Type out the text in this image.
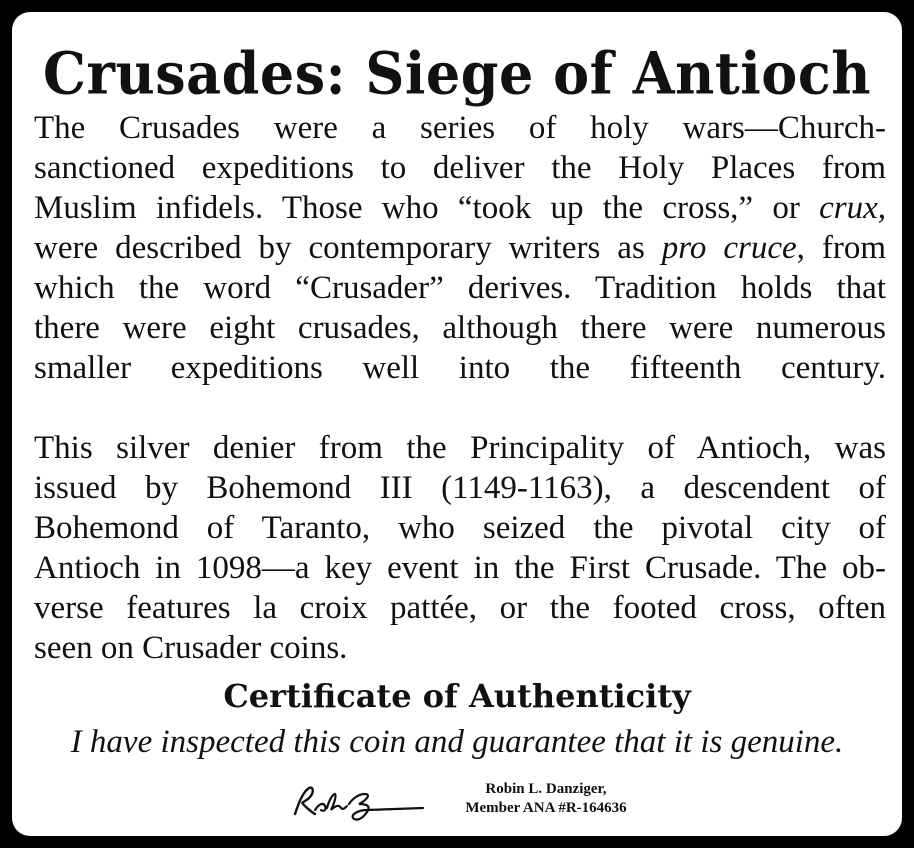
Crusades: Siege of Antioch
The Crusades were a series of holy wars—Church-
sanctioned expeditions to deliver the Holy Places from
Muslim infidels. Those who “took up the cross,” or crux,
were described by contemporary writers as pro cruce, from
which the word “Crusader” derives. Tradition holds that
there were eight crusades, although there were numerous
smaller expeditions well into the fifteenth century.
This silver denier from the Principality of Antioch, was
issued by Bohemond III (1149-1163), a descendent of
Bohemond of Taranto, who seized the pivotal city of
Antioch in 1098—a key event in the First Crusade. The ob-
verse features la croix pattée, or the footed cross, often
seen on Crusader coins.
Certificate of Authenticity
I have inspected this coin and guarantee that it is genuine.
Robin L. Danziger,
Member ANA #R-164636
